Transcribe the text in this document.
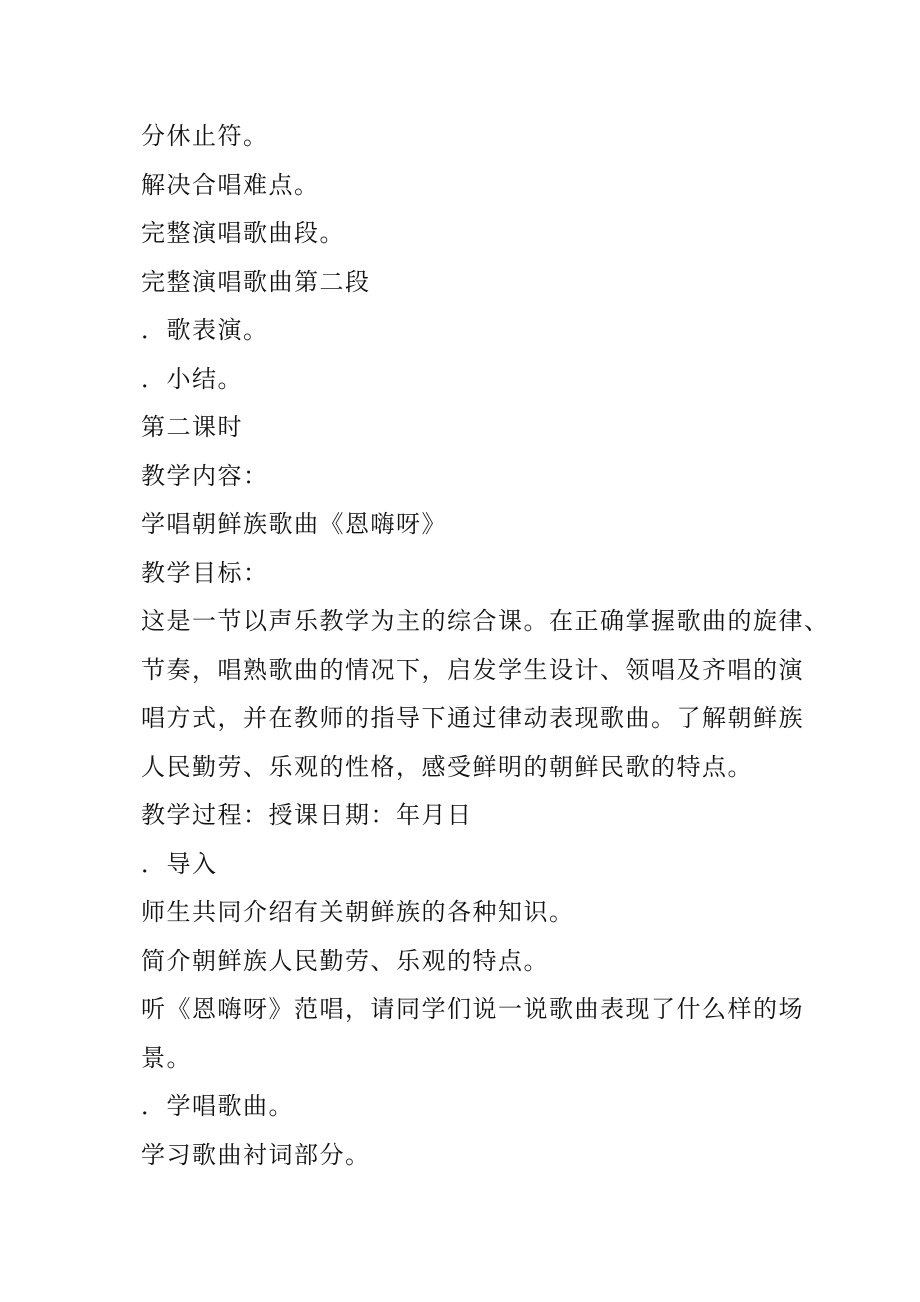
分休止符。
解决合唱难点。
完整演唱歌曲段。
完整演唱歌曲第二段
．歌表演。
．小结。
第二课时
教学内容：
学唱朝鲜族歌曲《恩嗨呀》
教学目标：
这是一节以声乐教学为主的综合课。在正确掌握歌曲的旋律、
节奏，唱熟歌曲的情况下，启发学生设计、领唱及齐唱的演
唱方式，并在教师的指导下通过律动表现歌曲。了解朝鲜族
人民勤劳、乐观的性格，感受鲜明的朝鲜民歌的特点。
教学过程：授课日期：年月日
．导入
师生共同介绍有关朝鲜族的各种知识。
简介朝鲜族人民勤劳、乐观的特点。
听《恩嗨呀》范唱，请同学们说一说歌曲表现了什么样的场
景。
．学唱歌曲。
学习歌曲衬词部分。
